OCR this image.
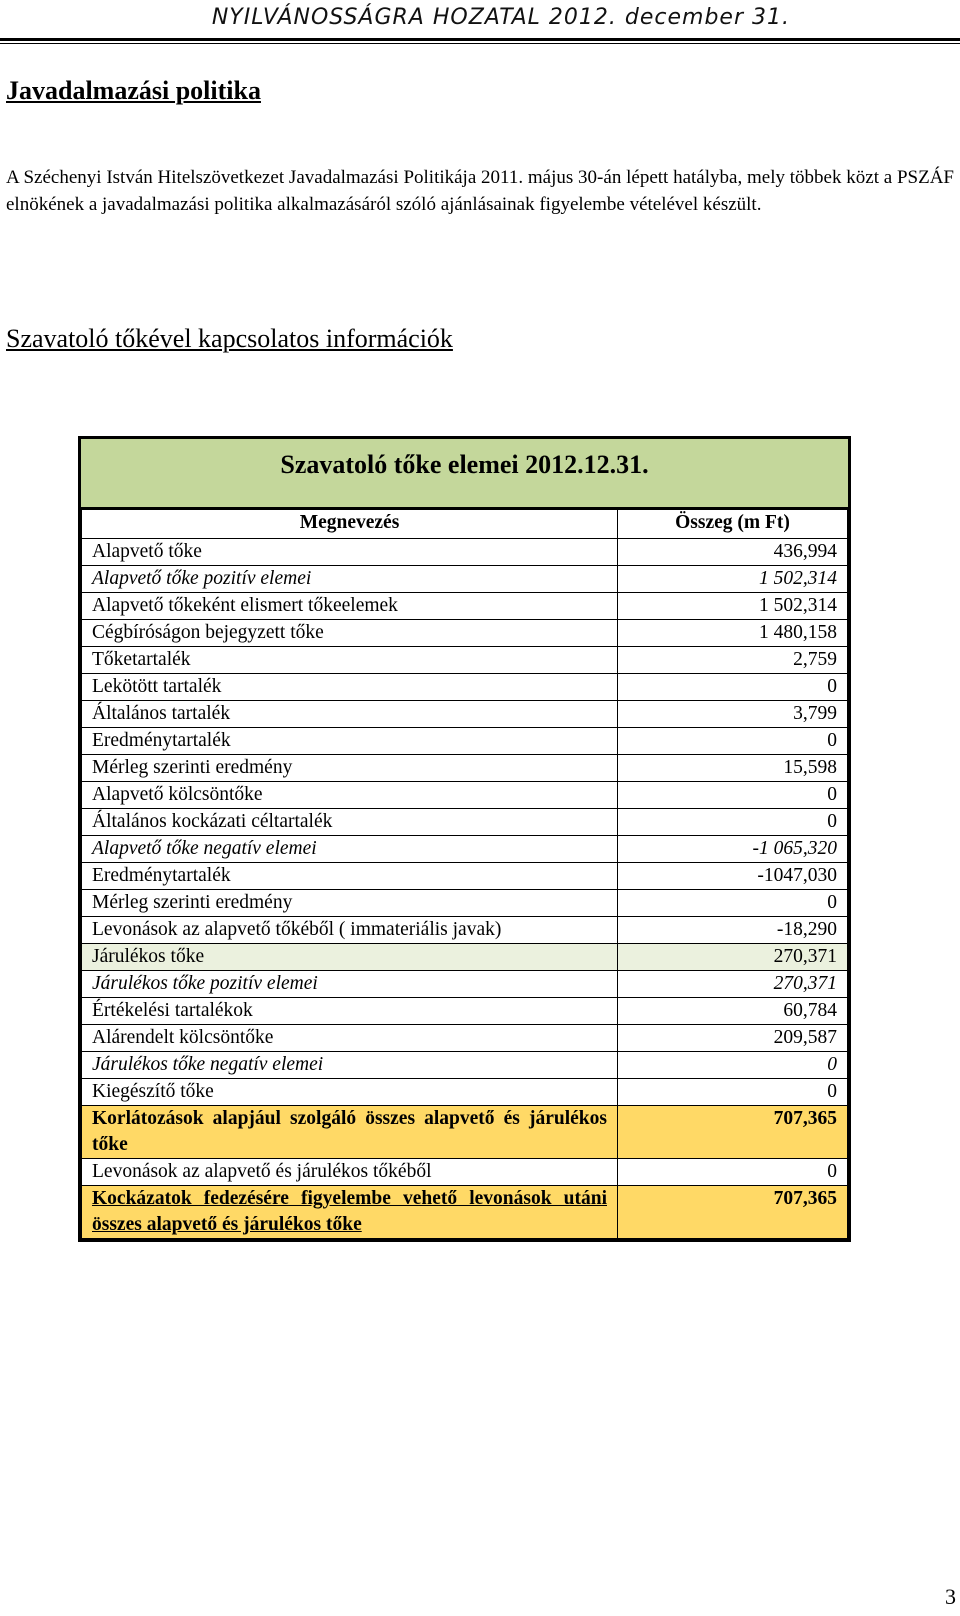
NYILVÁNOSSÁGRA HOZATAL 2012. december 31.
Javadalmazási politika
A Széchenyi István Hitelszövetkezet Javadalmazási Politikája 2011. május 30-án lépett hatályba, mely többek közt a PSZÁF elnökének a javadalmazási politika alkalmazásáról szóló ajánlásainak figyelembe vételével készült.
Szavatoló tőkével kapcsolatos információk
Szavatoló tőke elemei 2012.12.31.
Megnevezés	Összeg (m Ft)
Alapvető tőke	436,994
Alapvető tőke pozitív elemei	1 502,314
Alapvető tőkeként elismert tőkeelemek	1 502,314
Cégbíróságon bejegyzett tőke	1 480,158
Tőketartalék	2,759
Lekötött tartalék	0
Általános tartalék	3,799
Eredménytartalék	0
Mérleg szerinti eredmény	15,598
Alapvető kölcsöntőke	0
Általános kockázati céltartalék	0
Alapvető tőke negatív elemei	-1 065,320
Eredménytartalék	-1047,030
Mérleg szerinti eredmény	0
Levonások az alapvető tőkéből ( immateriális javak)	-18,290
Járulékos tőke	270,371
Járulékos tőke pozitív elemei	270,371
Értékelési tartalékok	60,784
Alárendelt kölcsöntőke	209,587
Járulékos tőke negatív elemei	0
Kiegészítő tőke	0
Korlátozások alapjául szolgáló összes alapvető és járulékos tőke	707,365
Levonások az alapvető és járulékos tőkéből	0
Kockázatok fedezésére figyelembe vehető levonások utáni összes alapvető és járulékos tőke	707,365
3
